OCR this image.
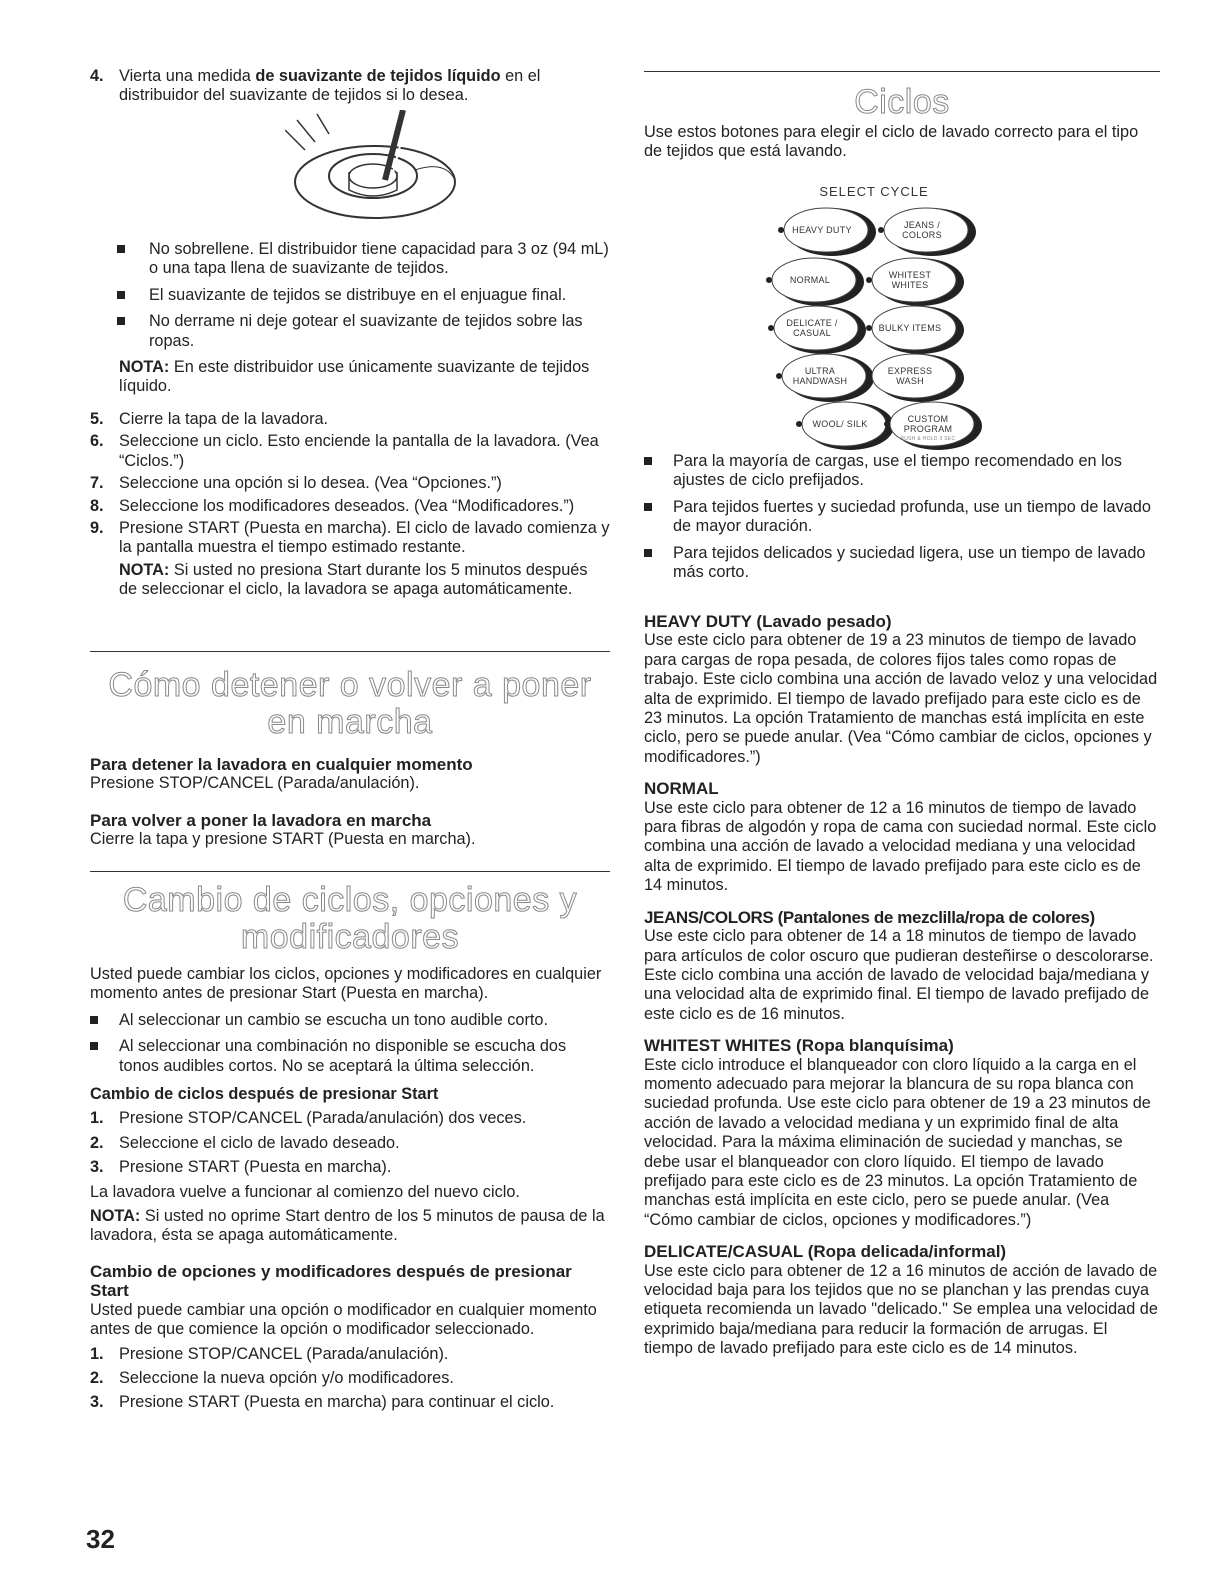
4. Vierta una medida de suavizante de tejidos líquido en el distribuidor del suavizante de tejidos si lo desea.
No sobrellene. El distribuidor tiene capacidad para 3 oz (94 mL) o una tapa llena de suavizante de tejidos.
El suavizante de tejidos se distribuye en el enjuague final.
No derrame ni deje gotear el suavizante de tejidos sobre las ropas.
NOTA: En este distribuidor use únicamente suavizante de tejidos líquido.
5. Cierre la tapa de la lavadora.
6. Seleccione un ciclo. Esto enciende la pantalla de la lavadora. (Vea “Ciclos.”)
7. Seleccione una opción si lo desea. (Vea “Opciones.”)
8. Seleccione los modificadores deseados. (Vea “Modificadores.”)
9. Presione START (Puesta en marcha). El ciclo de lavado comienza y la pantalla muestra el tiempo estimado restante.
NOTA: Si usted no presiona Start durante los 5 minutos después de seleccionar el ciclo, la lavadora se apaga automáticamente.
Cómo detener o volver a poner
en marcha
Para detener la lavadora en cualquier momento
Presione STOP/CANCEL (Parada/anulación).
Para volver a poner la lavadora en marcha
Cierre la tapa y presione START (Puesta en marcha).
Cambio de ciclos, opciones y
modificadores
Usted puede cambiar los ciclos, opciones y modificadores en cualquier momento antes de presionar Start (Puesta en marcha).
Al seleccionar un cambio se escucha un tono audible corto.
Al seleccionar una combinación no disponible se escucha dos tonos audibles cortos. No se aceptará la última selección.
Cambio de ciclos después de presionar Start
1. Presione STOP/CANCEL (Parada/anulación) dos veces.
2. Seleccione el ciclo de lavado deseado.
3. Presione START (Puesta en marcha).
La lavadora vuelve a funcionar al comienzo del nuevo ciclo.
NOTA: Si usted no oprime Start dentro de los 5 minutos de pausa de la lavadora, ésta se apaga automáticamente.
Cambio de opciones y modificadores después de presionar Start
Usted puede cambiar una opción o modificador en cualquier momento antes de que comience la opción o modificador seleccionado.
1. Presione STOP/CANCEL (Parada/anulación).
2. Seleccione la nueva opción y/o modificadores.
3. Presione START (Puesta en marcha) para continuar el ciclo.
Ciclos
Use estos botones para elegir el ciclo de lavado correcto para el tipo de tejidos que está lavando.
SELECT CYCLE
HEAVY DUTY	JEANS /
COLORS
NORMAL	WHITEST
WHITES
DELICATE /
CASUAL	BULKY ITEMS
ULTRA
HANDWASH
EXPRESS
WASH
WOOL/ SILK	CUSTOM
PROGRAM
PUSH & HOLD 3 SEC
Para la mayoría de cargas, use el tiempo recomendado en los ajustes de ciclo prefijados.
Para tejidos fuertes y suciedad profunda, use un tiempo de lavado de mayor duración.
Para tejidos delicados y suciedad ligera, use un tiempo de lavado más corto.
HEAVY DUTY (Lavado pesado)
Use este ciclo para obtener de 19 a 23 minutos de tiempo de lavado para cargas de ropa pesada, de colores fijos tales como ropas de trabajo. Este ciclo combina una acción de lavado veloz y una velocidad alta de exprimido. El tiempo de lavado prefijado para este ciclo es de 23 minutos. La opción Tratamiento de manchas está implícita en este ciclo, pero se puede anular. (Vea “Cómo cambiar de ciclos, opciones y modificadores.”)
NORMAL
Use este ciclo para obtener de 12 a 16 minutos de tiempo de lavado para fibras de algodón y ropa de cama con suciedad normal. Este ciclo combina una acción de lavado a velocidad mediana y una velocidad alta de exprimido. El tiempo de lavado prefijado para este ciclo es de 14 minutos.
JEANS/COLORS (Pantalones de mezclilla/ropa de colores)
Use este ciclo para obtener de 14 a 18 minutos de tiempo de lavado para artículos de color oscuro que pudieran desteñirse o descolorarse. Este ciclo combina una acción de lavado de velocidad baja/mediana y una velocidad alta de exprimido final. El tiempo de lavado prefijado de este ciclo es de 16 minutos.
WHITEST WHITES (Ropa blanquísima)
Este ciclo introduce el blanqueador con cloro líquido a la carga en el momento adecuado para mejorar la blancura de su ropa blanca con suciedad profunda. Use este ciclo para obtener de 19 a 23 minutos de acción de lavado a velocidad mediana y un exprimido final de alta velocidad. Para la máxima eliminación de suciedad y manchas, se debe usar el blanqueador con cloro líquido. El tiempo de lavado prefijado para este ciclo es de 23 minutos. La opción Tratamiento de manchas está implícita en este ciclo, pero se puede anular. (Vea “Cómo cambiar de ciclos, opciones y modificadores.”)
DELICATE/CASUAL (Ropa delicada/informal)
Use este ciclo para obtener de 12 a 16 minutos de acción de lavado de velocidad baja para los tejidos que no se planchan y las prendas cuya etiqueta recomienda un lavado "delicado." Se emplea una velocidad de exprimido baja/mediana para reducir la formación de arrugas. El tiempo de lavado prefijado para este ciclo es de 14 minutos.
32
